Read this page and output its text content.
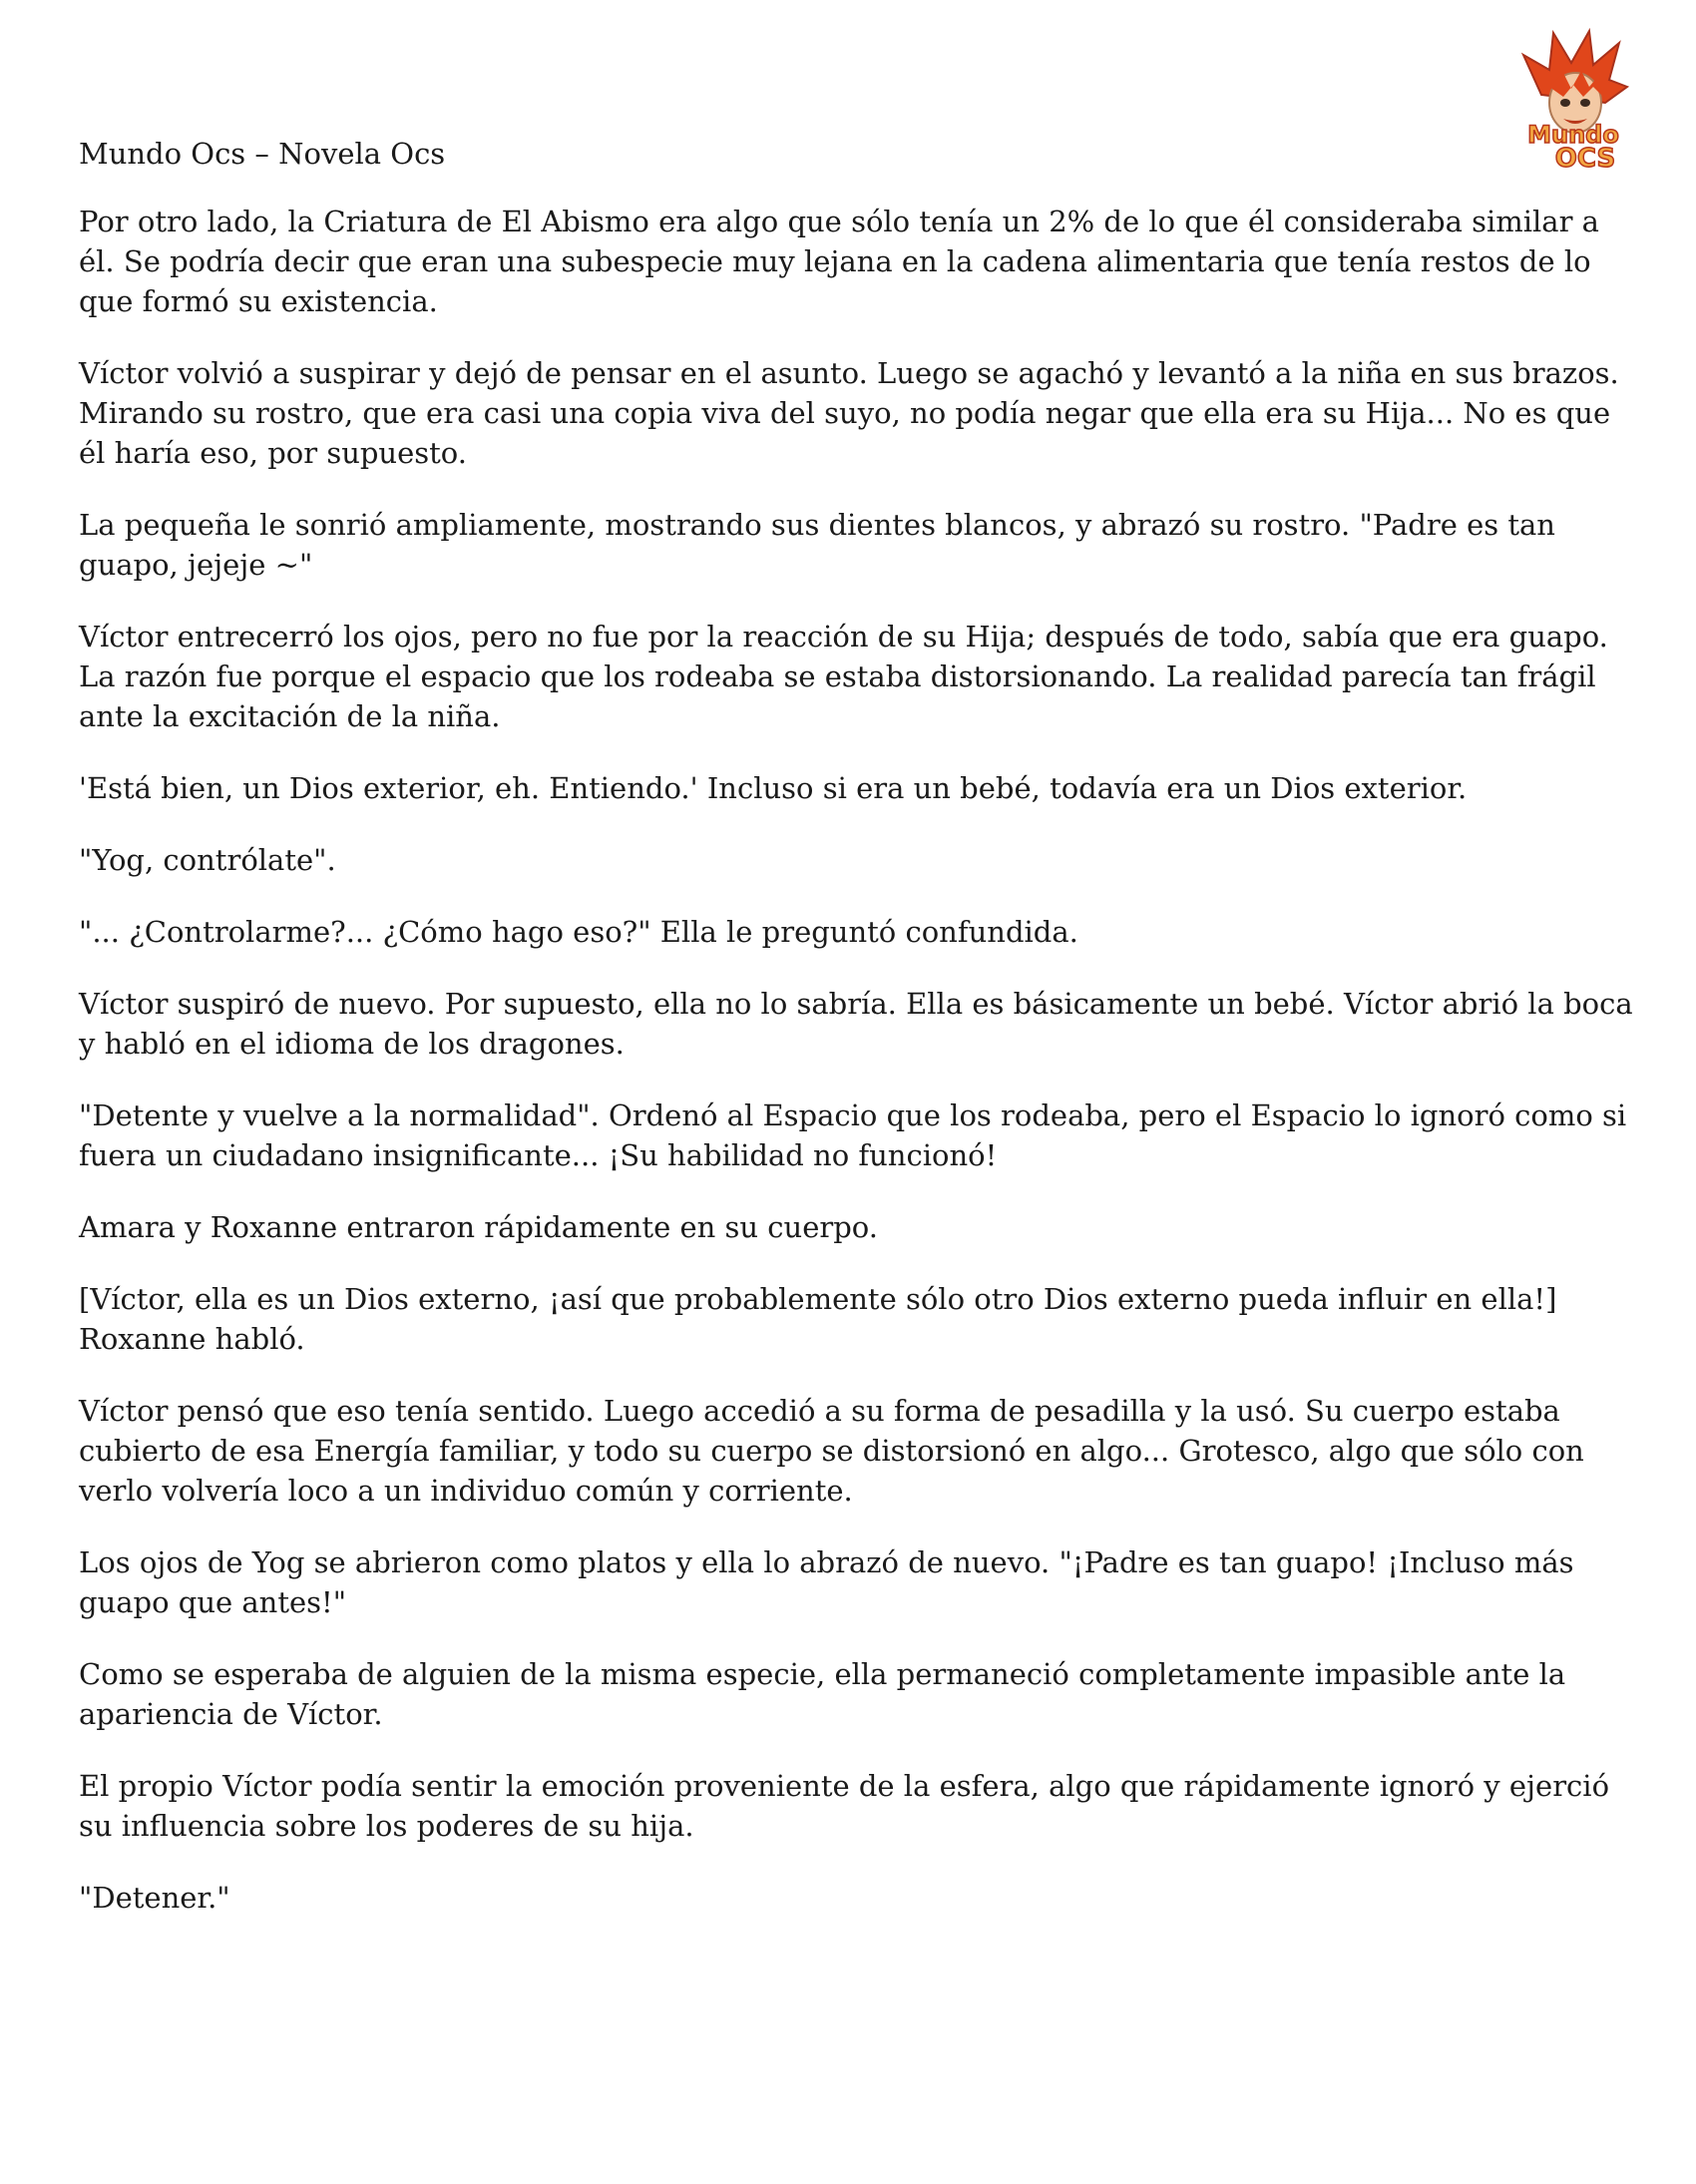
Mundo Ocs – Novela Ocs
Mundo
OCS

Por otro lado, la Criatura de El Abismo era algo que sólo tenía un 2% de lo que él consideraba similar a él. Se podría decir que eran una subespecie muy lejana en la cadena alimentaria que tenía restos de lo que formó su existencia.

Víctor volvió a suspirar y dejó de pensar en el asunto. Luego se agachó y levantó a la niña en sus brazos. Mirando su rostro, que era casi una copia viva del suyo, no podía negar que ella era su Hija... No es que él haría eso, por supuesto.

La pequeña le sonrió ampliamente, mostrando sus dientes blancos, y abrazó su rostro. "Padre es tan guapo, jejeje ~"

Víctor entrecerró los ojos, pero no fue por la reacción de su Hija; después de todo, sabía que era guapo. La razón fue porque el espacio que los rodeaba se estaba distorsionando. La realidad parecía tan frágil ante la excitación de la niña.

'Está bien, un Dios exterior, eh. Entiendo.' Incluso si era un bebé, todavía era un Dios exterior.

"Yog, contrólate".

"... ¿Controlarme?... ¿Cómo hago eso?" Ella le preguntó confundida.

Víctor suspiró de nuevo. Por supuesto, ella no lo sabría. Ella es básicamente un bebé. Víctor abrió la boca y habló en el idioma de los dragones.

"Detente y vuelve a la normalidad". Ordenó al Espacio que los rodeaba, pero el Espacio lo ignoró como si fuera un ciudadano insignificante... ¡Su habilidad no funcionó!

Amara y Roxanne entraron rápidamente en su cuerpo.

[Víctor, ella es un Dios externo, ¡así que probablemente sólo otro Dios externo pueda influir en ella!] Roxanne habló.

Víctor pensó que eso tenía sentido. Luego accedió a su forma de pesadilla y la usó. Su cuerpo estaba cubierto de esa Energía familiar, y todo su cuerpo se distorsionó en algo... Grotesco, algo que sólo con verlo volvería loco a un individuo común y corriente.

Los ojos de Yog se abrieron como platos y ella lo abrazó de nuevo. "¡Padre es tan guapo! ¡Incluso más guapo que antes!"

Como se esperaba de alguien de la misma especie, ella permaneció completamente impasible ante la apariencia de Víctor.

El propio Víctor podía sentir la emoción proveniente de la esfera, algo que rápidamente ignoró y ejerció su influencia sobre los poderes de su hija.

"Detener."
